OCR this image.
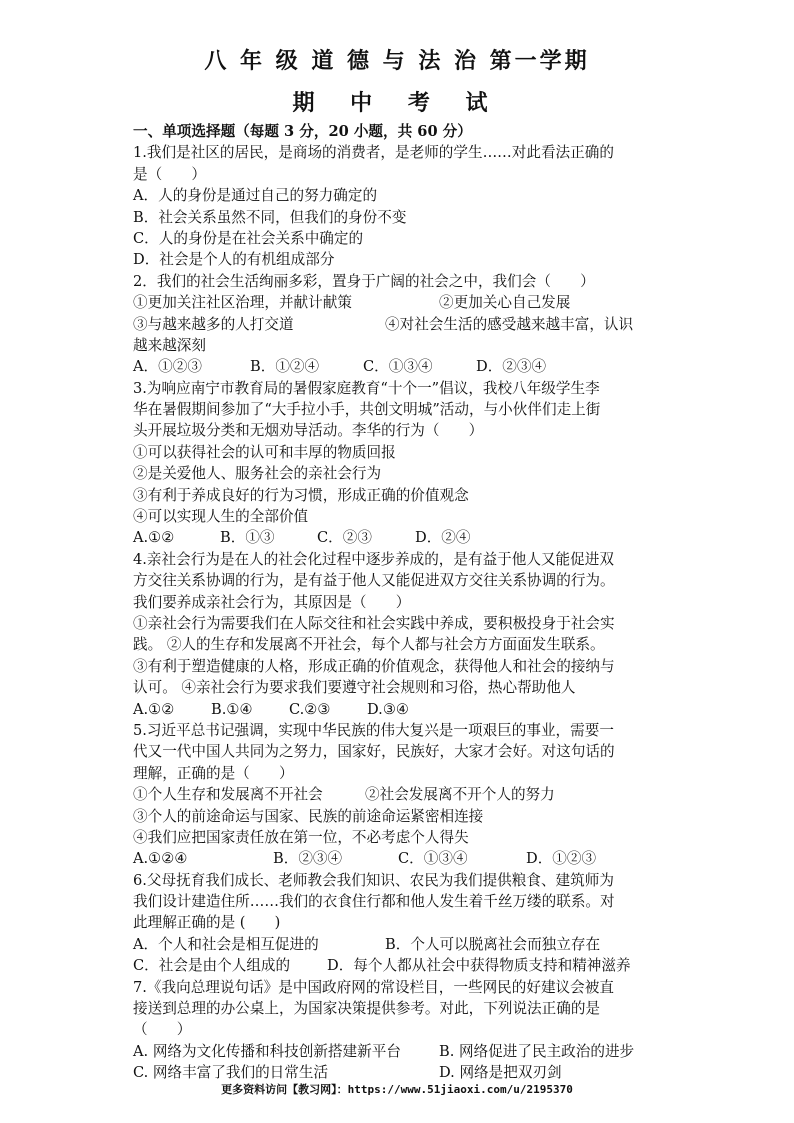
八 年 级 道 德 与 法 治 第一学期
期 中 考 试
一、单项选择题（每题 3 分，20 小题，共 60 分）
1.我们是社区的居民，是商场的消费者，是老师的学生……对此看法正确的
是（　　）
A．人的身份是通过自己的努力确定的
B．社会关系虽然不同，但我们的身份不变
C．人的身份是在社会关系中确定的
D．社会是个人的有机组成部分
2．我们的社会生活绚丽多彩，置身于广阔的社会之中，我们会（　　）
①更加关注社区治理，并献计献策	②更加关心自己发展
③与越来越多的人打交道	④对社会生活的感受越来越丰富，认识
越来越深刻
A．①②③	B．①②④	C．①③④	D．②③④
3.为响应南宁市教育局的暑假家庭教育“十个一”倡议，我校八年级学生李
华在暑假期间参加了“大手拉小手，共创文明城”活动，与小伙伴们走上街
头开展垃圾分类和无烟劝导活动。李华的行为（　　）
①可以获得社会的认可和丰厚的物质回报
②是关爱他人、服务社会的亲社会行为
③有利于养成良好的行为习惯，形成正确的价值观念
④可以实现人生的全部价值
A.①②	B．①③	C．②③	D．②④
4.亲社会行为是在人的社会化过程中逐步养成的，是有益于他人又能促进双
方交往关系协调的行为，是有益于他人又能促进双方交往关系协调的行为。
我们要养成亲社会行为，其原因是（　　）
①亲社会行为需要我们在人际交往和社会实践中养成，要积极投身于社会实
践。 ②人的生存和发展离不开社会，每个人都与社会方方面面发生联系。
③有利于塑造健康的人格，形成正确的价值观念，获得他人和社会的接纳与
认可。 ④亲社会行为要求我们要遵守社会规则和习俗，热心帮助他人
A.①②	B.①④	C.②③	D.③④
5.习近平总书记强调，实现中华民族的伟大复兴是一项艰巨的事业，需要一
代又一代中国人共同为之努力，国家好，民族好，大家才会好。对这句话的
理解，正确的是（　　）
①个人生存和发展离不开社会	②社会发展离不开个人的努力
③个人的前途命运与国家、民族的前途命运紧密相连接
④我们应把国家责任放在第一位，不必考虑个人得失
A.①②④	B．②③④	C．①③④	D．①②③
6.父母抚育我们成长、老师教会我们知识、农民为我们提供粮食、建筑师为
我们设计建造住所……我们的衣食住行都和他人发生着千丝万缕的联系。对
此理解正确的是 (　　)
A．个人和社会是相互促进的	B．个人可以脱离社会而独立存在
C．社会是由个人组成的	D．每个人都从社会中获得物质支持和精神滋养
7.《我向总理说句话》是中国政府网的常设栏目，一些网民的好建议会被直
接送到总理的办公桌上，为国家决策提供参考。对此，下列说法正确的是
（　　）
A. 网络为文化传播和科技创新搭建新平台	B. 网络促进了民主政治的进步
C. 网络丰富了我们的日常生活	D. 网络是把双刃剑
更多资料访问【教习网】：https://www.51jiaoxi.com/u/2195370
